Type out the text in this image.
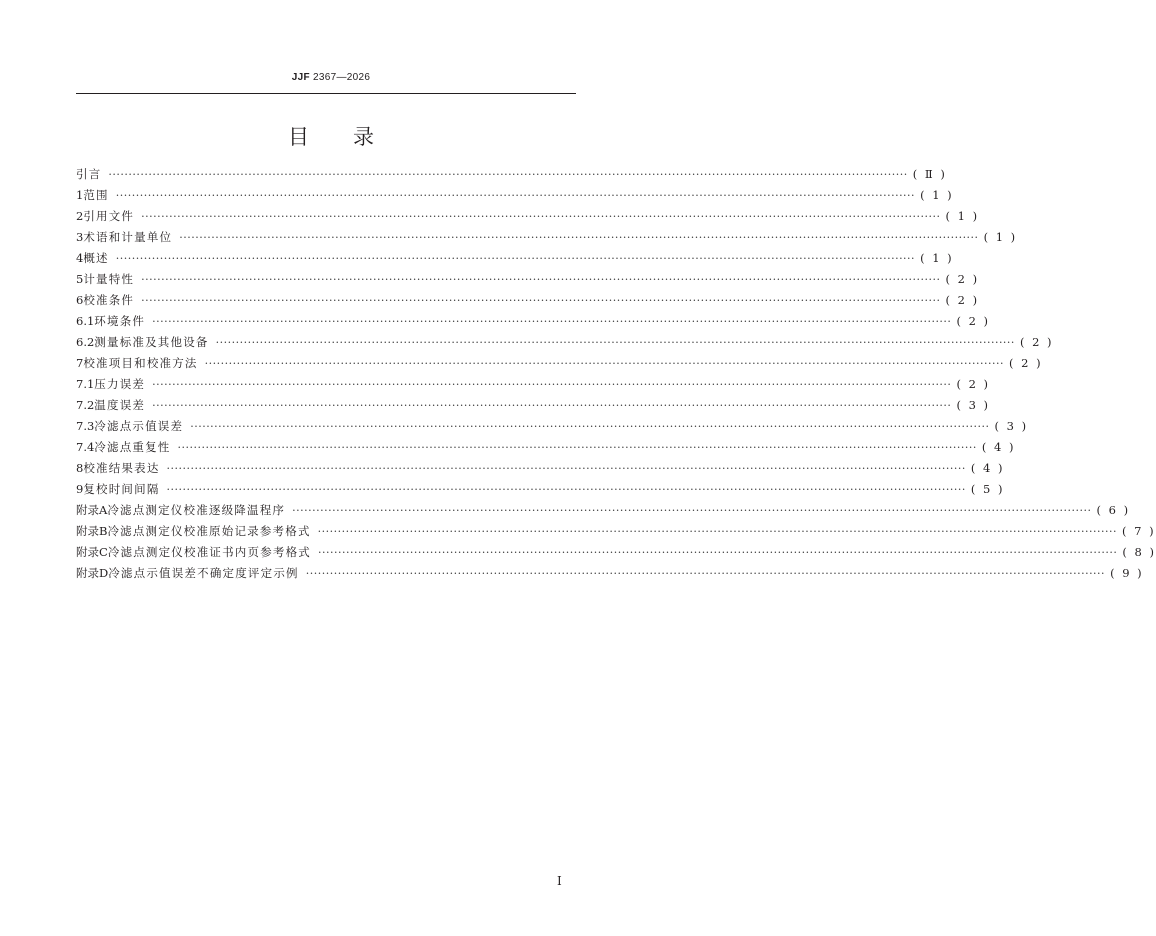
JJF 2367—2026
目录
引言 ········································································································································································································ ( Ⅱ )
1 范围 ········································································································································································································ ( 1 )
2 引用文件 ········································································································································································································ ( 1 )
3 术语和计量单位 ········································································································································································································ ( 1 )
4 概述 ········································································································································································································ ( 1 )
5 计量特性 ········································································································································································································ ( 2 )
6 校准条件 ········································································································································································································ ( 2 )
6.1 环境条件 ········································································································································································································ ( 2 )
6.2 测量标准及其他设备 ········································································································································································································ ( 2 )
7 校准项目和校准方法 ········································································································································································································ ( 2 )
7.1 压力误差 ········································································································································································································ ( 2 )
7.2 温度误差 ········································································································································································································ ( 3 )
7.3 冷滤点示值误差 ········································································································································································································ ( 3 )
7.4 冷滤点重复性 ········································································································································································································ ( 4 )
8 校准结果表达 ········································································································································································································ ( 4 )
9 复校时间间隔 ········································································································································································································ ( 5 )
附录A 冷滤点测定仪校准逐级降温程序 ········································································································································································································ ( 6 )
附录B 冷滤点测定仪校准原始记录参考格式 ········································································································································································································ ( 7 )
附录C 冷滤点测定仪校准证书内页参考格式 ········································································································································································································ ( 8 )
附录D 冷滤点示值误差不确定度评定示例 ········································································································································································································ ( 9 )
I
